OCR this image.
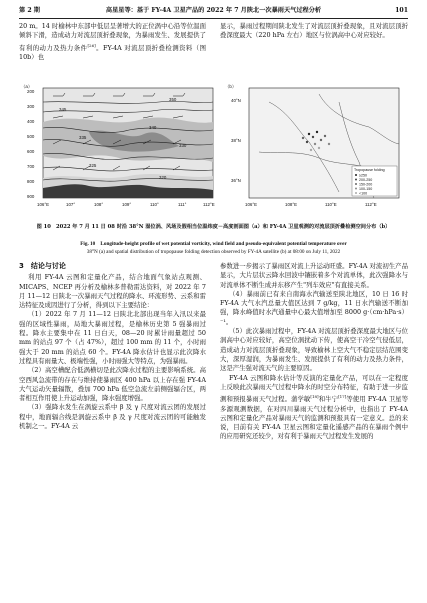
第 2 期	高星星等：基于 FY-4A 卫星产品的 2022 年 7 月陕北一次暴雨天气过程分析	101

20 m。14 时榆林中东部中低层呈著增大的正位涡中心沿等位温面倾斜下滑，造成动力对流层顶折叠现象，为暴雨发生、发展提供了有利的动力及热力条件[26]。FY-4A 对流层顶折叠检测资料（图 10b）也

显示，暴雨过程期间陕北发生了对流层顶折叠现象，且对流层顶折叠深度最大（220 hPa 左右）地区与位涡高中心对应较好。

（a）
350
345
340
335
330
325
320
200
300
400
500
600
700
800
900
106°E	107°	108°	109°	110°	111°	112°E
（b）
40°N
38°N
36°N
106°E	108°E	110°E	112°E
Tropopause folding
≥250
200-250
150-200
100-150
<100
图 10　2022 年 7 月 11 日 08 时沿 38°N 湿位涡、风场及假相当位温纬度－高度剖面图（a）和 FY-4A 卫星观测的对流层顶折叠检测空间分布（b）
Fig. 10　Longitude-height profile of wet potential vorticity, wind field and pseudo-equivalent potential temperature over
38°N (a) and spatial distribution of tropopause folding detection observed by FY-4A satellite (b) at 08:00 on July 11, 2022

3　结论与讨论

利用 FY-4A 云图和定量化产品，结合地面气象站点观测、MICAPS、NCEP 再分析及榆林多普勒雷达资料，对 2022 年 7 月 11—12 日陕北一次暴雨天气过程的降水、环流形势、云系和雷达特征及成因进行了分析，得到以下主要结论：

（1）2022 年 7 月 11—12 日陕北北部出现当年入汛以来最强的区域性暴雨，局地大暴雨过程，是榆林历史第 5 强暴雨过程。降水主要集中在 11 日白天，08—20 时累计雨量超过 50 mm 的站点 97 个（占 47%），超过 100 mm 的 11 个，小时雨强大于 20 mm 的站点 60 个。FY-4A 降水估计也显示此次降水过程具有雨量大、极端性强，小时雨强大等特点，为强暴雨。

（2）高空槽配合低涡横切是此次降水过程的主要影响系统。高空西风急流带的存在与维持使暴雨区 400 hPa 以上存在强 FY-4A 大气运动矢量辐散，叠加 700 hPa 低空急流左前侧强辐合区，两者相互作用使上升运动加强，降水强度增强。

（3）强降水发生在涡旋云系中 β 及 γ 尺度对流云团的发展过程中，地面辐合线是涡旋云系中 β 及 γ 尺度对流云团的可能触发机制之一。FY-4A 云

参数进一步揭示了暴雨区对流上升运动旺盛。FY-4A 对流初生产品显示，大片层状云降水回波中镶嵌着多个对流单体，此次强降水与对流单体不断生成并东移产生"列车效应"有直接关系。

（4）暴雨前已有来自南海水汽输送至陕北地区，10 日 16 时 FY-4A 大气水汽总量大值区达到 7 g/kg，11 日水汽输送不断加强，降水峰值时水汽通量中心最大值增加至 8000 g·（cm·hPa·s）⁻¹。

（5）此次暴雨过程中，FY-4A 对流层顶折叠深度最大地区与位涡高中心对应较好，高空位涡扰动下传，使高空干冷空气侵低层，造成动力对流层顶折叠现象，导致榆林上空大气不稳定层结范围变大，深厚湿润，为暴雨发生、发展提供了有利的动力及热力条件，这是产生强对流天气的主要原因。

FY-4A 云图和降水估计等反演的定量化产品，可以在一定程度上反映此次暴雨天气过程中降水的时空分布特征，有助于进一步监测和预报暴雨天气过程。蒲学敏[18]和牛宁[17]等使用 FY-4A 卫星等多源观测数据，在对四川暴雨天气过程分析中，也指出了 FY-4A 云图和定量化产品对暴雨天气的监测和预报具有一定意义。总的来说，目前有关 FY-4A 卫星云图和定量化遥感产品的在暴雨个例中的应用研究还较少，对有利于暴雨天气过程发生发展的
